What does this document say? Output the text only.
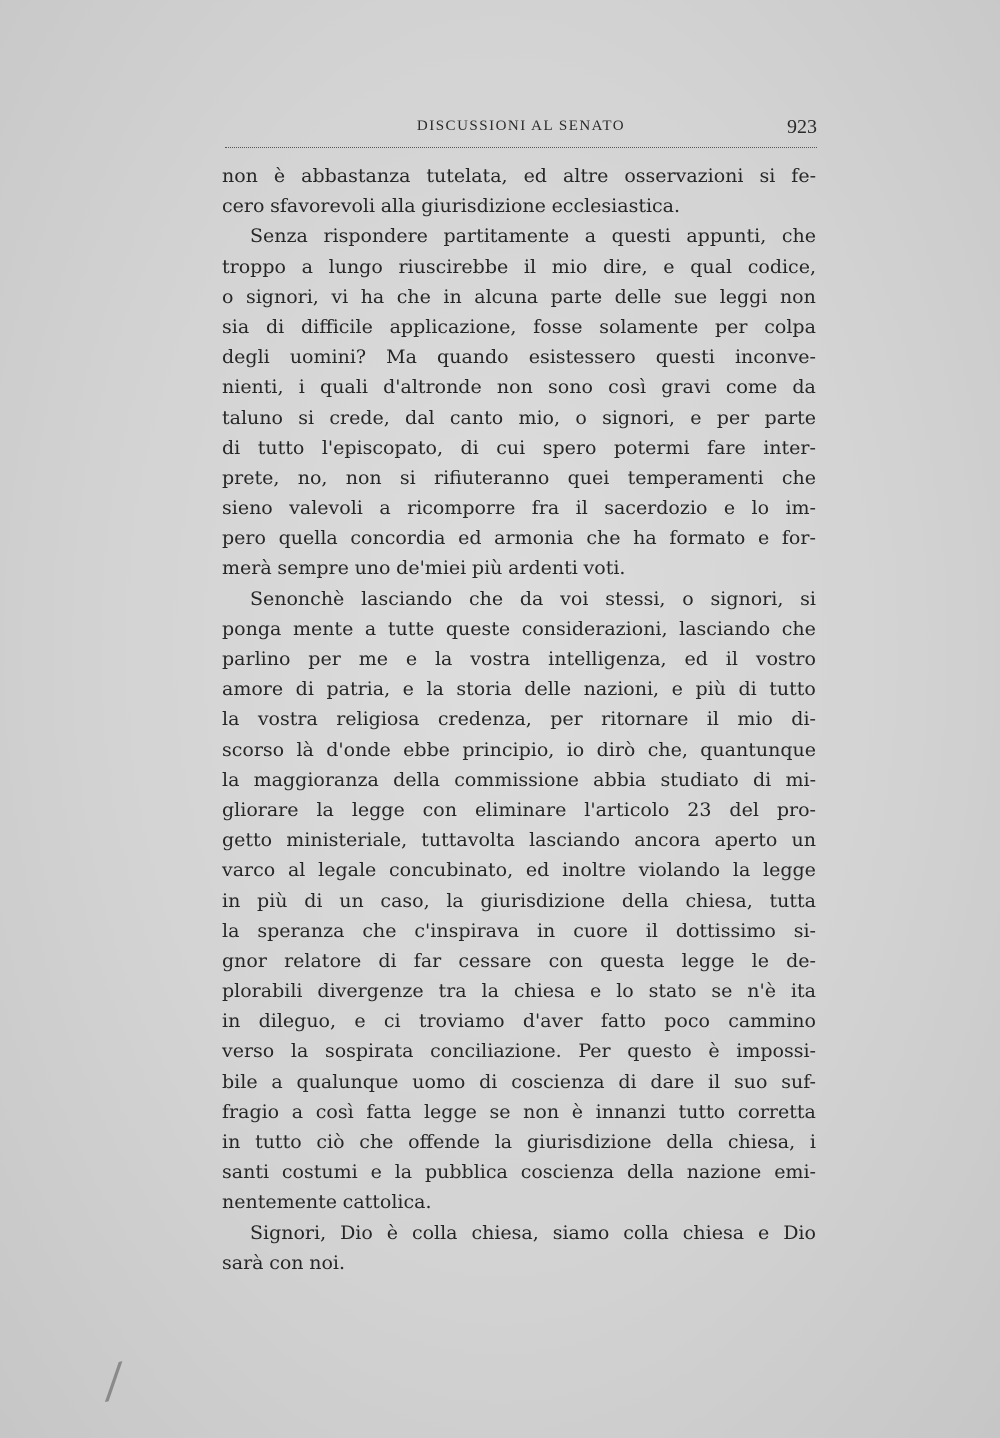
DISCUSSIONI AL SENATO	923
non è abbastanza tutelata, ed altre osservazioni si fe-
cero sfavorevoli alla giurisdizione ecclesiastica.
Senza rispondere partitamente a questi appunti, che
troppo a lungo riuscirebbe il mio dire, e qual codice,
o signori, vi ha che in alcuna parte delle sue leggi non
sia di difficile applicazione, fosse solamente per colpa
degli uomini? Ma quando esistessero questi inconve-
nienti, i quali d'altronde non sono così gravi come da
taluno si crede, dal canto mio, o signori, e per parte
di tutto l'episcopato, di cui spero potermi fare inter-
prete, no, non si rifiuteranno quei temperamenti che
sieno valevoli a ricomporre fra il sacerdozio e lo im-
pero quella concordia ed armonia che ha formato e for-
merà sempre uno de'miei più ardenti voti.
Senonchè lasciando che da voi stessi, o signori, si
ponga mente a tutte queste considerazioni, lasciando che
parlino per me e la vostra intelligenza, ed il vostro
amore di patria, e la storia delle nazioni, e più di tutto
la vostra religiosa credenza, per ritornare il mio di-
scorso là d'onde ebbe principio, io dirò che, quantunque
la maggioranza della commissione abbia studiato di mi-
gliorare la legge con eliminare l'articolo 23 del pro-
getto ministeriale, tuttavolta lasciando ancora aperto un
varco al legale concubinato, ed inoltre violando la legge
in più di un caso, la giurisdizione della chiesa, tutta
la speranza che c'inspirava in cuore il dottissimo si-
gnor relatore di far cessare con questa legge le de-
plorabili divergenze tra la chiesa e lo stato se n'è ita
in dileguo, e ci troviamo d'aver fatto poco cammino
verso la sospirata conciliazione. Per questo è impossi-
bile a qualunque uomo di coscienza di dare il suo suf-
fragio a così fatta legge se non è innanzi tutto corretta
in tutto ciò che offende la giurisdizione della chiesa, i
santi costumi e la pubblica coscienza della nazione emi-
nentemente cattolica.
Signori, Dio è colla chiesa, siamo colla chiesa e Dio
sarà con noi.
⁄
